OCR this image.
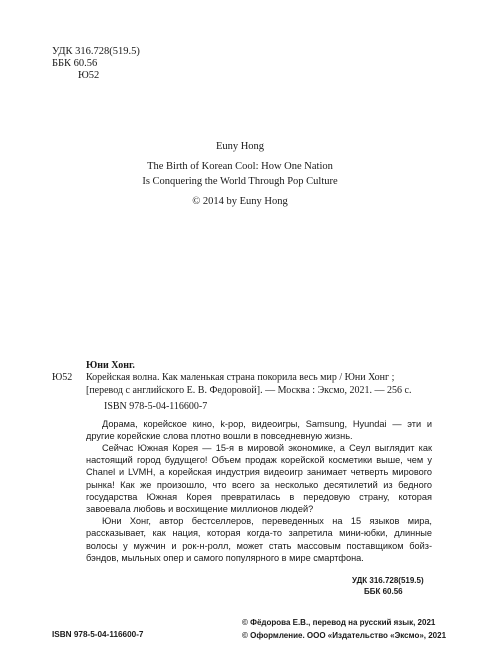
УДК 316.728(519.5)
ББК 60.56
Ю52
Euny Hong
The Birth of Korean Cool: How One Nation
Is Conquering the World Through Pop Culture
© 2014 by Euny Hong
Юни Хонг.
Ю52	Корейская волна. Как маленькая страна покорила весь мир / Юни Хонг ;
[перевод с английского Е. В. Федоровой]. — Москва : Эксмо, 2021. — 256 с.
ISBN 978-5-04-116600-7

Дорама, корейское кино, k-pop, видеоигры, Samsung, Hyundai — эти и другие корейские слова плотно вошли в повседневную жизнь.

Сейчас Южная Корея — 15-я в мировой экономике, а Сеул выглядит как настоящий город будущего! Объем продаж корейской косметики выше, чем у Chanel и LVMH, а корейская индустрия видеоигр занимает четверть мирового рынка! Как же произошло, что всего за несколько десятилетий из бедного государства Южная Корея превратилась в передовую страну, которая завоевала любовь и восхищение миллионов людей?

Юни Хонг, автор бестселлеров, переведенных на 15 языков мира, рассказывает, как нация, которая когда-то запретила мини-юбки, длинные волосы у мужчин и рок-н-ролл, может стать массовым поставщиком бойз-бэндов, мыльных опер и самого популярного в мире смартфона.

УДК 316.728(519.5)
ББК 60.56
ISBN 978-5-04-116600-7
© Фёдорова Е.В., перевод на русский язык, 2021
© Оформление. ООО «Издательство «Эксмо», 2021
